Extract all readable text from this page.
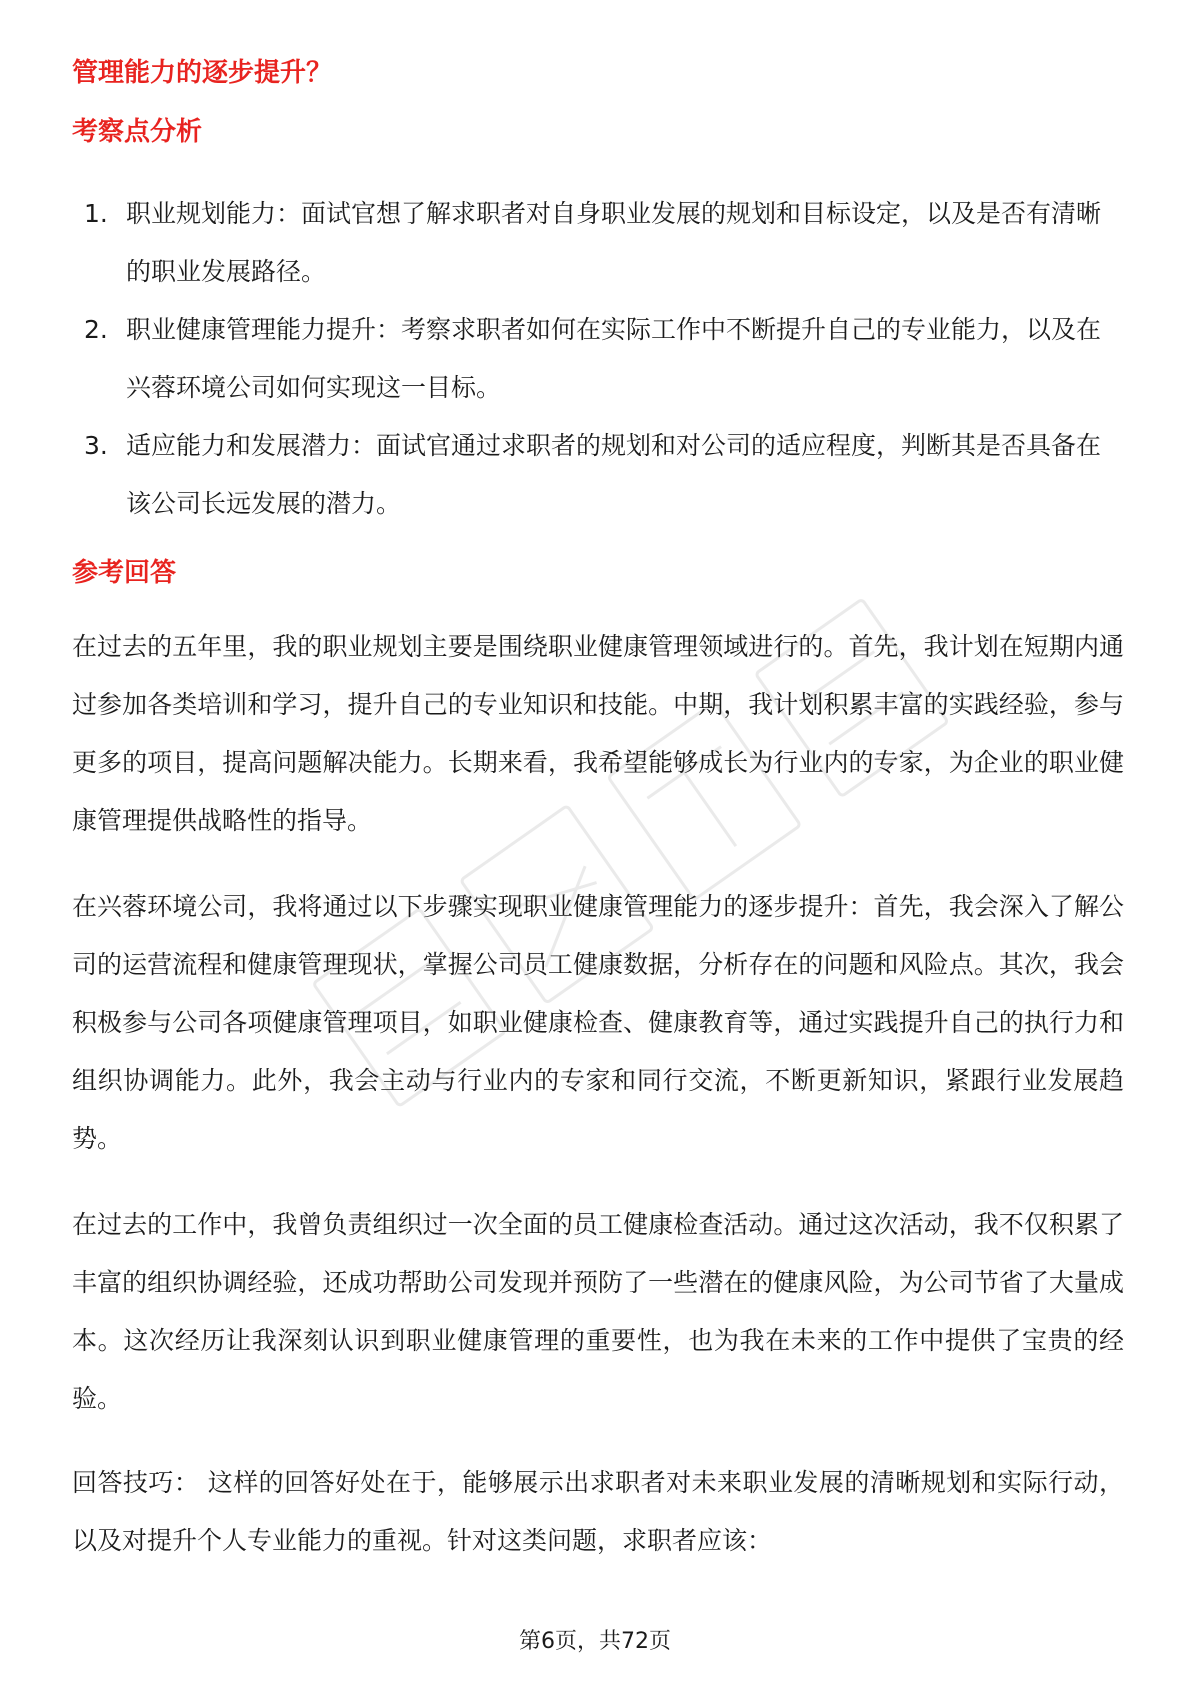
管理能力的逐步提升？
考察点分析
1. 职业规划能力：面试官想了解求职者对自身职业发展的规划和目标设定，以及是否有清晰的职业发展路径。
2. 职业健康管理能力提升：考察求职者如何在实际工作中不断提升自己的专业能力，以及在兴蓉环境公司如何实现这一目标。
3. 适应能力和发展潜力：面试官通过求职者的规划和对公司的适应程度，判断其是否具备在该公司长远发展的潜力。
参考回答

在过去的五年里，我的职业规划主要是围绕职业健康管理领域进行的。首先，我计划在短期内通过参加各类培训和学习，提升自己的专业知识和技能。中期，我计划积累丰富的实践经验，参与更多的项目，提高问题解决能力。长期来看，我希望能够成长为行业内的专家，为企业的职业健康管理提供战略性的指导。

在兴蓉环境公司，我将通过以下步骤实现职业健康管理能力的逐步提升：首先，我会深入了解公司的运营流程和健康管理现状，掌握公司员工健康数据，分析存在的问题和风险点。其次，我会积极参与公司各项健康管理项目，如职业健康检查、健康教育等，通过实践提升自己的执行力和组织协调能力。此外，我会主动与行业内的专家和同行交流，不断更新知识，紧跟行业发展趋势。

在过去的工作中，我曾负责组织过一次全面的员工健康检查活动。通过这次活动，我不仅积累了丰富的组织协调经验，还成功帮助公司发现并预防了一些潜在的健康风险，为公司节省了大量成本。这次经历让我深刻认识到职业健康管理的重要性，也为我在未来的工作中提供了宝贵的经验。

回答技巧： 这样的回答好处在于，能够展示出求职者对未来职业发展的清晰规划和实际行动，以及对提升个人专业能力的重视。针对这类问题，求职者应该：

第6页，共72页
